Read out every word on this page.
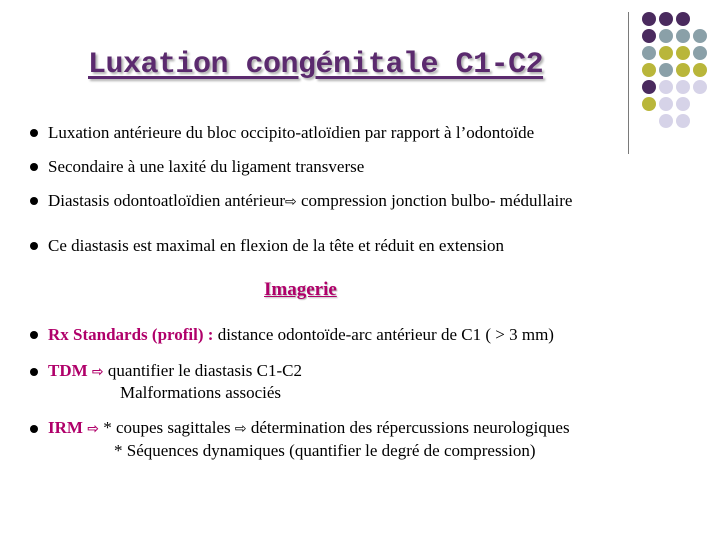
Luxation congénitale C1-C2
Luxation antérieure du bloc occipito-atloïdien par rapport à l’odontoïde
Secondaire à une laxité du ligament transverse
Diastasis odontoatloïdien antérieur⇨ compression jonction bulbo- médullaire
Ce diastasis est maximal en flexion de la tête et réduit en extension
Imagerie
Rx Standards (profil) : distance odontoïde-arc antérieur de C1 ( > 3 mm)
TDM ⇨ quantifier le diastasis C1-C2
Malformations associés
IRM ⇨ * coupes sagittales ⇨ détermination des répercussions neurologiques
* Séquences dynamiques (quantifier le degré de compression)
